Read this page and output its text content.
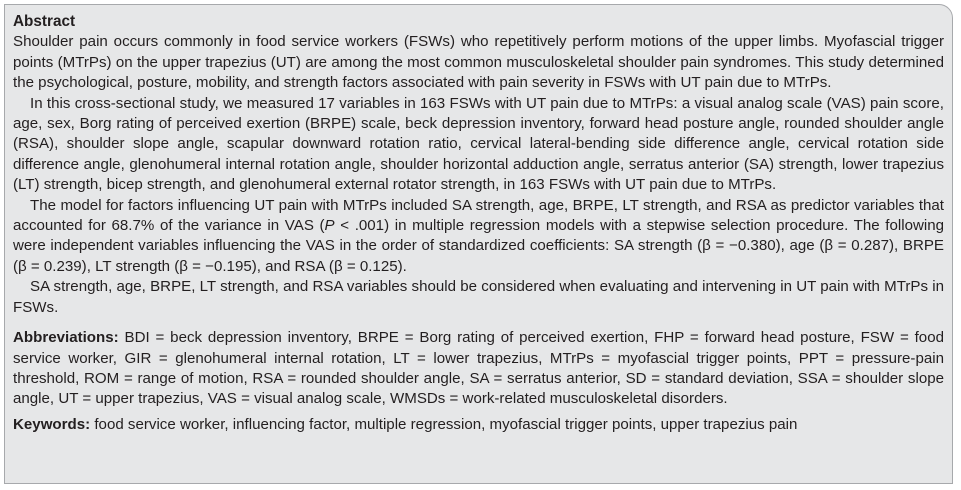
Abstract

Shoulder pain occurs commonly in food service workers (FSWs) who repetitively perform motions of the upper limbs. Myofascial trigger points (MTrPs) on the upper trapezius (UT) are among the most common musculoskeletal shoulder pain syndromes. This study determined the psychological, posture, mobility, and strength factors associated with pain severity in FSWs with UT pain due to MTrPs.

In this cross-sectional study, we measured 17 variables in 163 FSWs with UT pain due to MTrPs: a visual analog scale (VAS) pain score, age, sex, Borg rating of perceived exertion (BRPE) scale, beck depression inventory, forward head posture angle, rounded shoulder angle (RSA), shoulder slope angle, scapular downward rotation ratio, cervical lateral-bending side difference angle, cervical rotation side difference angle, glenohumeral internal rotation angle, shoulder horizontal adduction angle, serratus anterior (SA) strength, lower trapezius (LT) strength, bicep strength, and glenohumeral external rotator strength, in 163 FSWs with UT pain due to MTrPs.

The model for factors influencing UT pain with MTrPs included SA strength, age, BRPE, LT strength, and RSA as predictor variables that accounted for 68.7% of the variance in VAS (P < .001) in multiple regression models with a stepwise selection procedure. The following were independent variables influencing the VAS in the order of standardized coefficients: SA strength (β = −0.380), age (β = 0.287), BRPE (β = 0.239), LT strength (β = −0.195), and RSA (β = 0.125).

SA strength, age, BRPE, LT strength, and RSA variables should be considered when evaluating and intervening in UT pain with MTrPs in FSWs.

Abbreviations: BDI = beck depression inventory, BRPE = Borg rating of perceived exertion, FHP = forward head posture, FSW = food service worker, GIR = glenohumeral internal rotation, LT = lower trapezius, MTrPs = myofascial trigger points, PPT = pressure-pain threshold, ROM = range of motion, RSA = rounded shoulder angle, SA = serratus anterior, SD = standard deviation, SSA = shoulder slope angle, UT = upper trapezius, VAS = visual analog scale, WMSDs = work-related musculoskeletal disorders.

Keywords: food service worker, influencing factor, multiple regression, myofascial trigger points, upper trapezius pain
